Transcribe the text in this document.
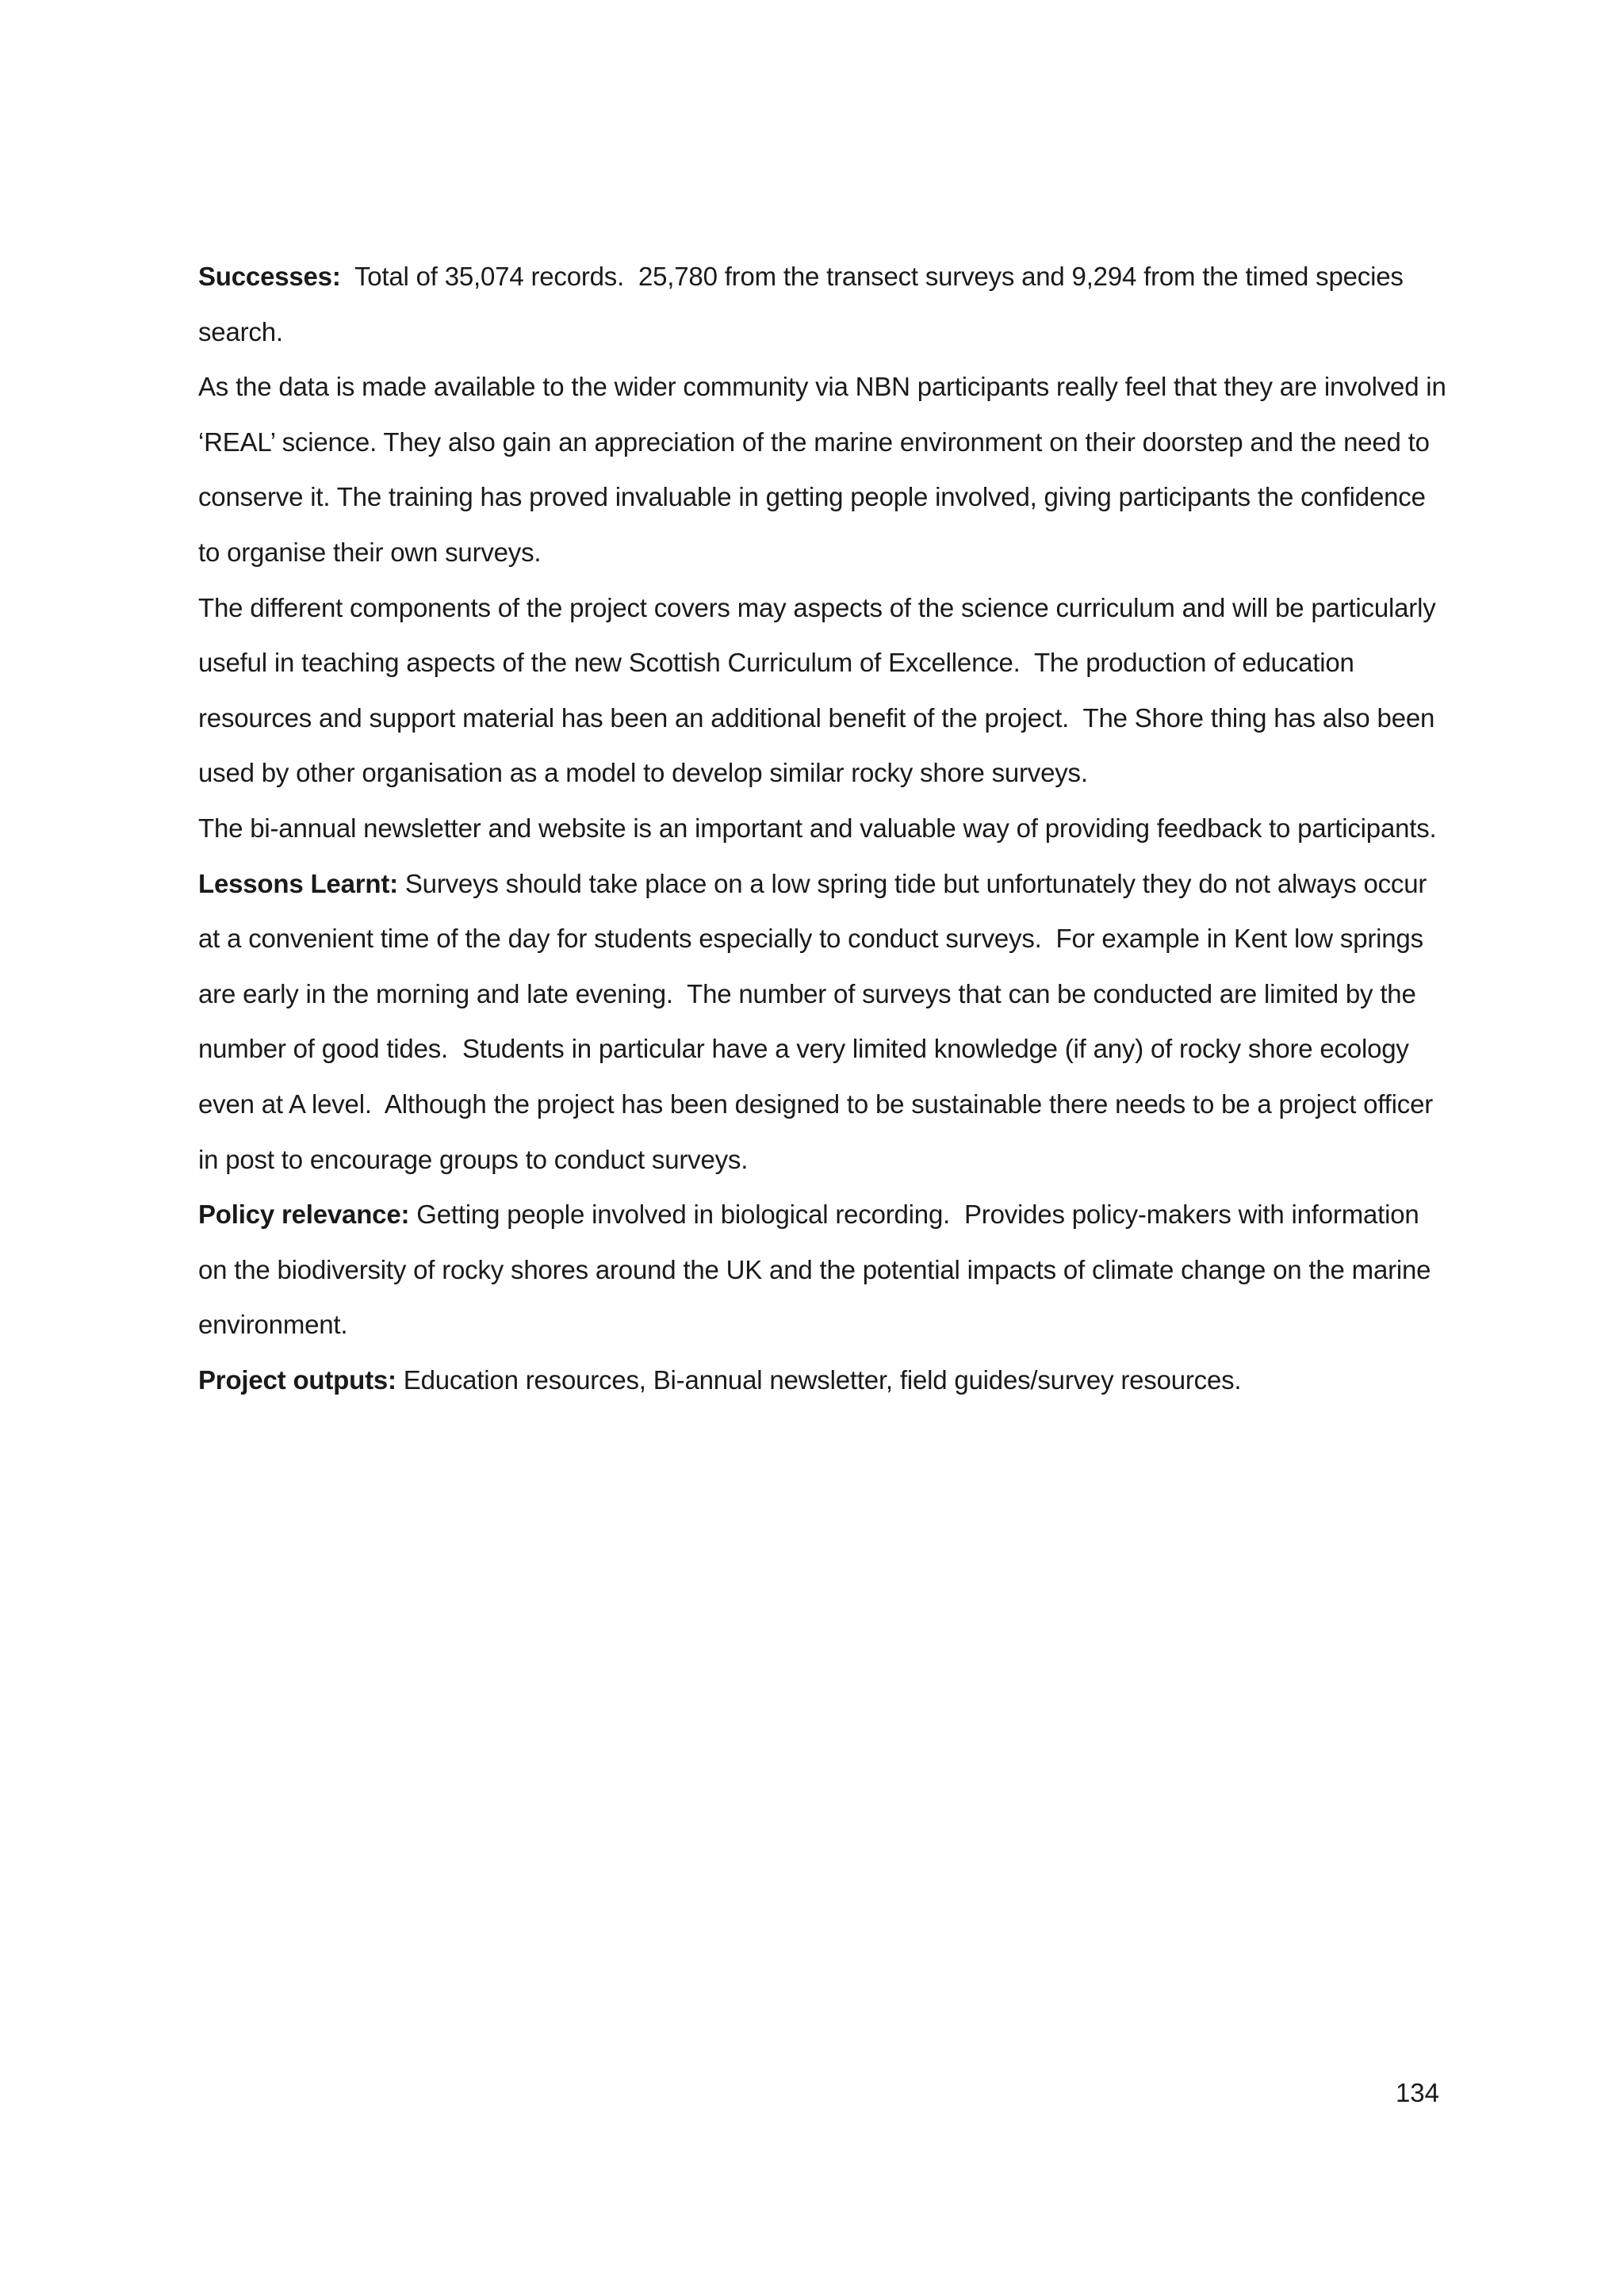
Successes:  Total of 35,074 records.  25,780 from the transect surveys and 9,294 from the timed species search.

As the data is made available to the wider community via NBN participants really feel that they are involved in ‘REAL’ science. They also gain an appreciation of the marine environment on their doorstep and the need to conserve it. The training has proved invaluable in getting people involved, giving participants the confidence to organise their own surveys.

The different components of the project covers may aspects of the science curriculum and will be particularly useful in teaching aspects of the new Scottish Curriculum of Excellence.  The production of education resources and support material has been an additional benefit of the project.  The Shore thing has also been used by other organisation as a model to develop similar rocky shore surveys.

The bi-annual newsletter and website is an important and valuable way of providing feedback to participants.

Lessons Learnt: Surveys should take place on a low spring tide but unfortunately they do not always occur at a convenient time of the day for students especially to conduct surveys.  For example in Kent low springs are early in the morning and late evening.  The number of surveys that can be conducted are limited by the number of good tides.  Students in particular have a very limited knowledge (if any) of rocky shore ecology even at A level.  Although the project has been designed to be sustainable there needs to be a project officer in post to encourage groups to conduct surveys.

Policy relevance: Getting people involved in biological recording.  Provides policy-makers with information on the biodiversity of rocky shores around the UK and the potential impacts of climate change on the marine environment.

Project outputs: Education resources, Bi-annual newsletter, field guides/survey resources.

134
